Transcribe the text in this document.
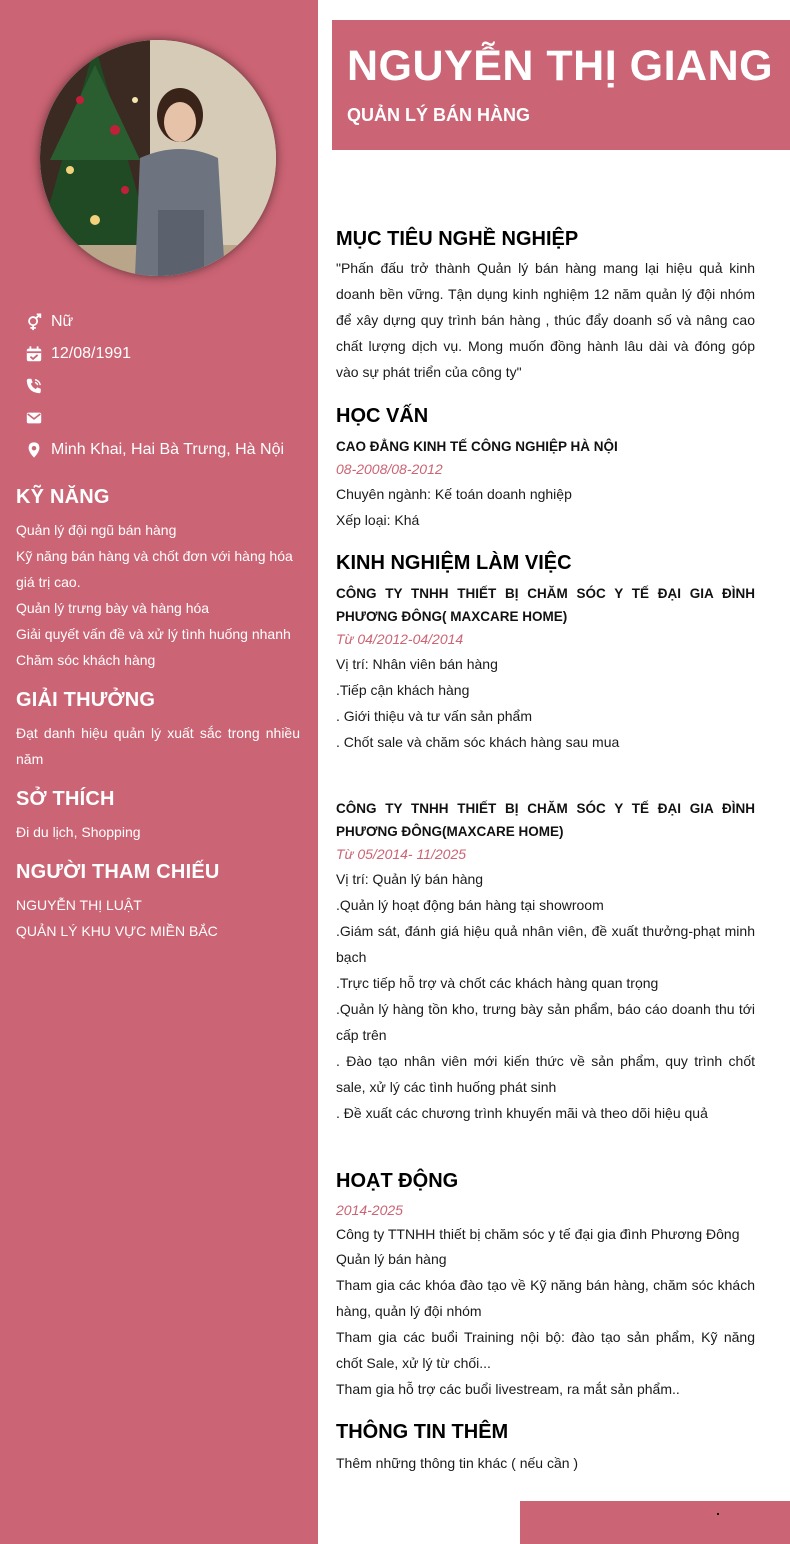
Nữ
12/08/1991
Minh Khai, Hai Bà Trưng, Hà Nội
KỸ NĂNG
Quản lý đội ngũ bán hàng
Kỹ năng bán hàng và chốt đơn với hàng hóa giá trị cao.
Quản lý trưng bày và hàng hóa
Giải quyết vấn đề và xử lý tình huống nhanh
Chăm sóc khách hàng
GIẢI THƯỞNG
Đạt danh hiệu quản lý xuất sắc trong nhiều năm
SỞ THÍCH
Đi du lịch, Shopping
NGƯỜI THAM CHIẾU
NGUYỄN THỊ LUẬT
QUẢN LÝ KHU VỰC MIỀN BẮC
NGUYỄN THỊ GIANG
QUẢN LÝ BÁN HÀNG
MỤC TIÊU NGHỀ NGHIỆP
"Phấn đấu trở thành Quản lý bán hàng mang lại hiệu quả kinh doanh bền vững. Tận dụng kinh nghiệm 12 năm quản lý đội nhóm để xây dựng quy trình bán hàng , thúc đẩy doanh số và nâng cao chất lượng dịch vụ. Mong muốn đồng hành lâu dài và đóng góp vào sự phát triển của công ty"
HỌC VẤN
CAO ĐẲNG KINH TẾ CÔNG NGHIỆP HÀ NỘI
08-2008/08-2012
Chuyên ngành: Kế toán doanh nghiệp
Xếp loại: Khá
KINH NGHIỆM LÀM VIỆC
CÔNG TY TNHH THIẾT BỊ CHĂM SÓC Y TẾ ĐẠI GIA ĐÌNH PHƯƠNG ĐÔNG( MAXCARE HOME)
Từ 04/2012-04/2014
Vị trí: Nhân viên bán hàng
.Tiếp cận khách hàng
. Giới thiệu và tư vấn sản phẩm
. Chốt sale và chăm sóc khách hàng sau mua
CÔNG TY TNHH THIẾT BỊ CHĂM SÓC Y TẾ ĐẠI GIA ĐÌNH PHƯƠNG ĐÔNG(MAXCARE HOME)
Từ 05/2014- 11/2025
Vị trí: Quản lý bán hàng
.Quản lý hoạt động bán hàng tại showroom
.Giám sát, đánh giá hiệu quả nhân viên, đề xuất thưởng-phạt minh bạch
.Trực tiếp hỗ trợ và chốt các khách hàng quan trọng
.Quản lý hàng tồn kho, trưng bày sản phẩm, báo cáo doanh thu tới cấp trên
. Đào tạo nhân viên mới kiến thức về sản phẩm, quy trình chốt sale, xử lý các tình huống phát sinh
. Đề xuất các chương trình khuyến mãi và theo dõi hiệu quả
HOẠT ĐỘNG
2014-2025
Công ty TTNHH thiết bị chăm sóc y tế đại gia đình Phương Đông
Quản lý bán hàng
Tham gia các khóa đào tạo về Kỹ năng bán hàng, chăm sóc khách hàng, quản lý đội nhóm
Tham gia các buổi Training nội bộ: đào tạo sản phẩm, Kỹ năng chốt Sale, xử lý từ chối...
Tham gia hỗ trợ các buổi livestream, ra mắt sản phẩm..
THÔNG TIN THÊM
Thêm những thông tin khác ( nếu cần )
